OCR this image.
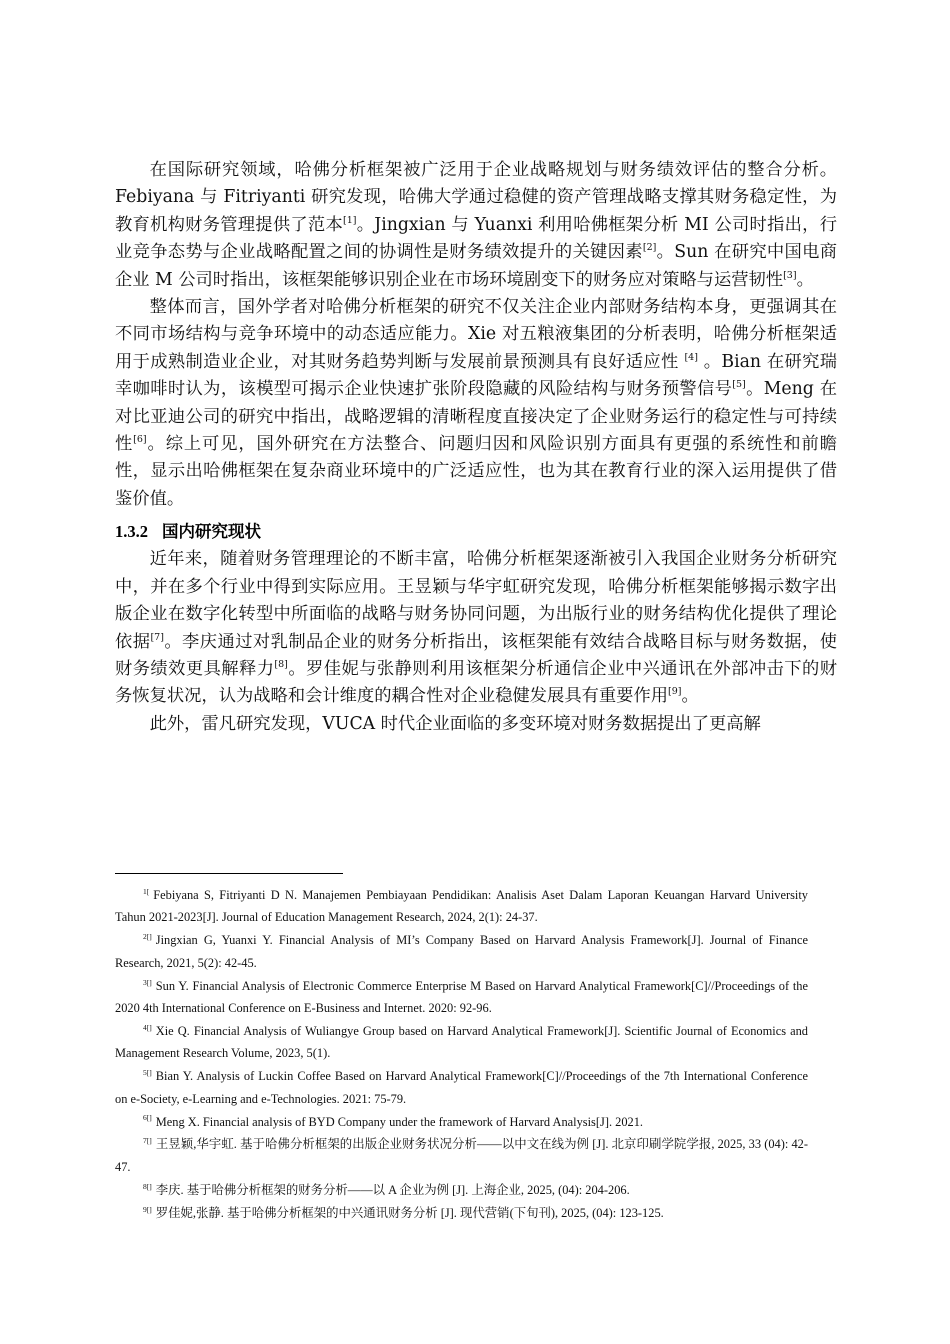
在国际研究领域，哈佛分析框架被广泛用于企业战略规划与财务绩效评估的整合分析。Febiyana 与 Fitriyanti 研究发现，哈佛大学通过稳健的资产管理战略支撑其财务稳定性，为教育机构财务管理提供了范本[1]。Jingxian 与 Yuanxi 利用哈佛框架分析 MI 公司时指出，行业竞争态势与企业战略配置之间的协调性是财务绩效提升的关键因素[2]。Sun 在研究中国电商企业 M 公司时指出，该框架能够识别企业在市场环境剧变下的财务应对策略与运营韧性[3]。

整体而言，国外学者对哈佛分析框架的研究不仅关注企业内部财务结构本身，更强调其在不同市场结构与竞争环境中的动态适应能力。Xie 对五粮液集团的分析表明，哈佛分析框架适用于成熟制造业企业，对其财务趋势判断与发展前景预测具有良好适应性 [4] 。Bian 在研究瑞幸咖啡时认为，该模型可揭示企业快速扩张阶段隐藏的风险结构与财务预警信号[5]。Meng 在对比亚迪公司的研究中指出，战略逻辑的清晰程度直接决定了企业财务运行的稳定性与可持续性[6]。综上可见，国外研究在方法整合、问题归因和风险识别方面具有更强的系统性和前瞻性，显示出哈佛框架在复杂商业环境中的广泛适应性，也为其在教育行业的深入运用提供了借鉴价值。

1.3.2 国内研究现状

近年来，随着财务管理理论的不断丰富，哈佛分析框架逐渐被引入我国企业财务分析研究中，并在多个行业中得到实际应用。王昱颖与华宇虹研究发现，哈佛分析框架能够揭示数字出版企业在数字化转型中所面临的战略与财务协同问题，为出版行业的财务结构优化提供了理论依据[7]。李庆通过对乳制品企业的财务分析指出，该框架能有效结合战略目标与财务数据，使财务绩效更具解释力[8]。罗佳妮与张静则利用该框架分析通信企业中兴通讯在外部冲击下的财务恢复状况，认为战略和会计维度的耦合性对企业稳健发展具有重要作用[9]。

此外，雷凡研究发现，VUCA 时代企业面临的多变环境对财务数据提出了更高解

$^{1[}$ Febiyana S, Fitriyanti D N. Manajemen Pembiayaan Pendidikan: Analisis Aset Dalam Laporan Keuangan Harvard University Tahun 2021-2023[J]. Journal of Education Management Research, 2024, 2(1): 24-37.

$^{2[]}$ Jingxian G, Yuanxi Y. Financial Analysis of MI’s Company Based on Harvard Analysis Framework[J]. Journal of Finance Research, 2021, 5(2): 42-45.

$^{3[]}$ Sun Y. Financial Analysis of Electronic Commerce Enterprise M Based on Harvard Analytical Framework[C]//Proceedings of the 2020 4th International Conference on E-Business and Internet. 2020: 92-96.

$^{4[]}$ Xie Q. Financial Analysis of Wuliangye Group based on Harvard Analytical Framework[J]. Scientific Journal of Economics and Management Research Volume, 2023, 5(1).

$^{5[]}$ Bian Y. Analysis of Luckin Coffee Based on Harvard Analytical Framework[C]//Proceedings of the 7th International Conference on e-Society, e-Learning and e-Technologies. 2021: 75-79.

$^{6[]}$ Meng X. Financial analysis of BYD Company under the framework of Harvard Analysis[J]. 2021.

$^{7[]}$ 王昱颖,华宇虹. 基于哈佛分析框架的出版企业财务状况分析——以中文在线为例 [J]. 北京印刷学院学报, 2025, 33 (04): 42-47.

$^{8[]}$ 李庆. 基于哈佛分析框架的财务分析——以 A 企业为例 [J]. 上海企业, 2025, (04): 204-206.

$^{9[]}$ 罗佳妮,张静. 基于哈佛分析框架的中兴通讯财务分析 [J]. 现代营销(下旬刊), 2025, (04): 123-125.
